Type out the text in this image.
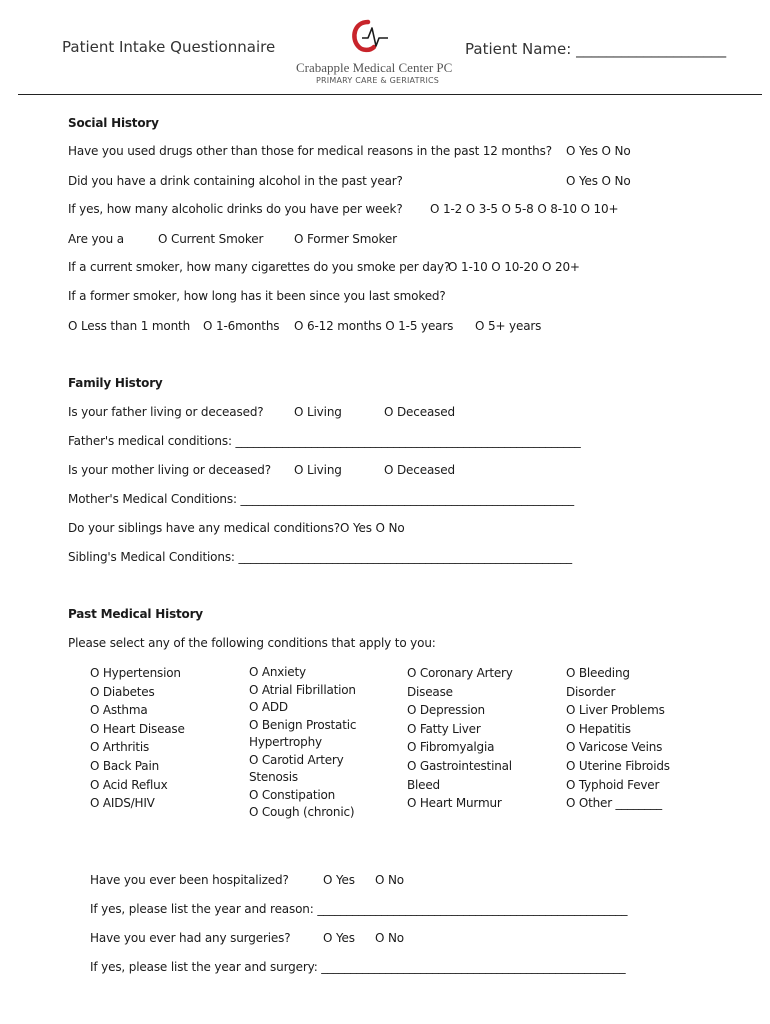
Patient Intake Questionnaire	Patient Name: ____________________
Crabapple Medical Center PC
PRIMARY CARE & GERIATRICS
Social History
Have you used drugs other than those for medical reasons in the past 12 months? O Yes O No
Did you have a drink containing alcohol in the past year?	O Yes O No
If yes, how many alcoholic drinks do you have per week? O 1-2 O 3-5 O 5-8 O 8-10 O 10+
Are you a	O Current Smoker	O Former Smoker
If a current smoker, how many cigarettes do you smoke per day?
O 1-10 O 10-20 O 20+
If a former smoker, how long has it been since you last smoked?
O Less than 1 month O 1-6months O 6-12 months O 1-5 years O 5+ years
Family History
Is your father living or deceased?	O Living	O Deceased
Father's medical conditions: ___________________________________________________________
Is your mother living or deceased? O Living	O Deceased
Mother's Medical Conditions: _________________________________________________________
Do your siblings have any medical conditions? O Yes O No
Sibling's Medical Conditions: _________________________________________________________
Past Medical History
Please select any of the following conditions that apply to you:
O Hypertension
O Diabetes
O Asthma
O Heart Disease
O Arthritis
O Back Pain
O Acid Reflux
O AIDS/HIV
O Anxiety
O Atrial Fibrillation
O ADD
O Benign Prostatic
Hypertrophy
O Carotid Artery
Stenosis
O Constipation
O Cough (chronic)
O Coronary Artery
Disease
O Depression
O Fatty Liver
O Fibromyalgia
O Gastrointestinal
Bleed
O Heart Murmur
O Bleeding
Disorder
O Liver Problems
O Hepatitis
O Varicose Veins
O Uterine Fibroids
O Typhoid Fever
O Other ________
Have you ever been hospitalized?	O Yes O No
If yes, please list the year and reason: _____________________________________________________
Have you ever had any surgeries?	O Yes O No
If yes, please list the year and surgery: ____________________________________________________
